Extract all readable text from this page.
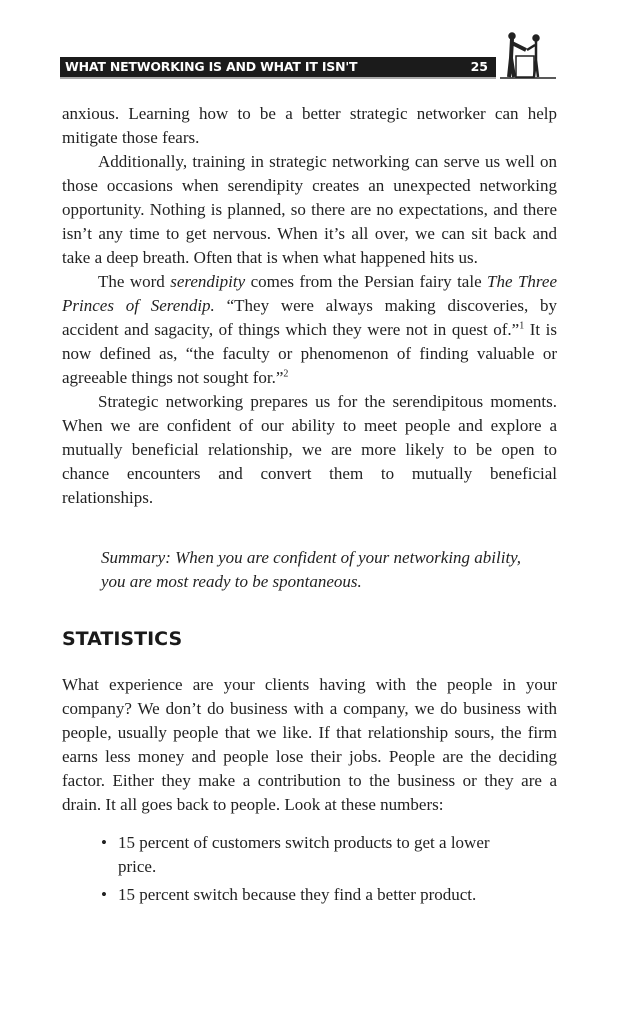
WHAT NETWORKING IS AND WHAT IT ISN'T	25

anxious. Learning how to be a better strategic networker can help mitigate those fears.

Additionally, training in strategic networking can serve us well on those occasions when serendipity creates an unexpected networking opportunity. Nothing is planned, so there are no expectations, and there isn’t any time to get nervous. When it’s all over, we can sit back and take a deep breath. Often that is when what happened hits us.

The word serendipity comes from the Persian fairy tale The Three Princes of Serendip. “They were always making discoveries, by accident and sagacity, of things which they were not in quest of.”$^1$ It is now defined as, “the faculty or phenomenon of finding valuable or agreeable things not sought for.”$^2$

Strategic networking prepares us for the serendipitous moments. When we are confident of our ability to meet people and explore a mutually beneficial relationship, we are more likely to be open to chance encounters and convert them to mutually beneficial relationships.

Summary: When you are confident of your networking ability, you are most ready to be spontaneous.
STATISTICS

What experience are your clients having with the people in your company? We don’t do business with a company, we do business with people, usually people that we like. If that relationship sours, the firm earns less money and people lose their jobs. People are the deciding factor. Either they make a contribution to the business or they are a drain. It all goes back to people. Look at these numbers:

• 15 percent of customers switch products to get a lower price.
• 15 percent switch because they find a better product.
